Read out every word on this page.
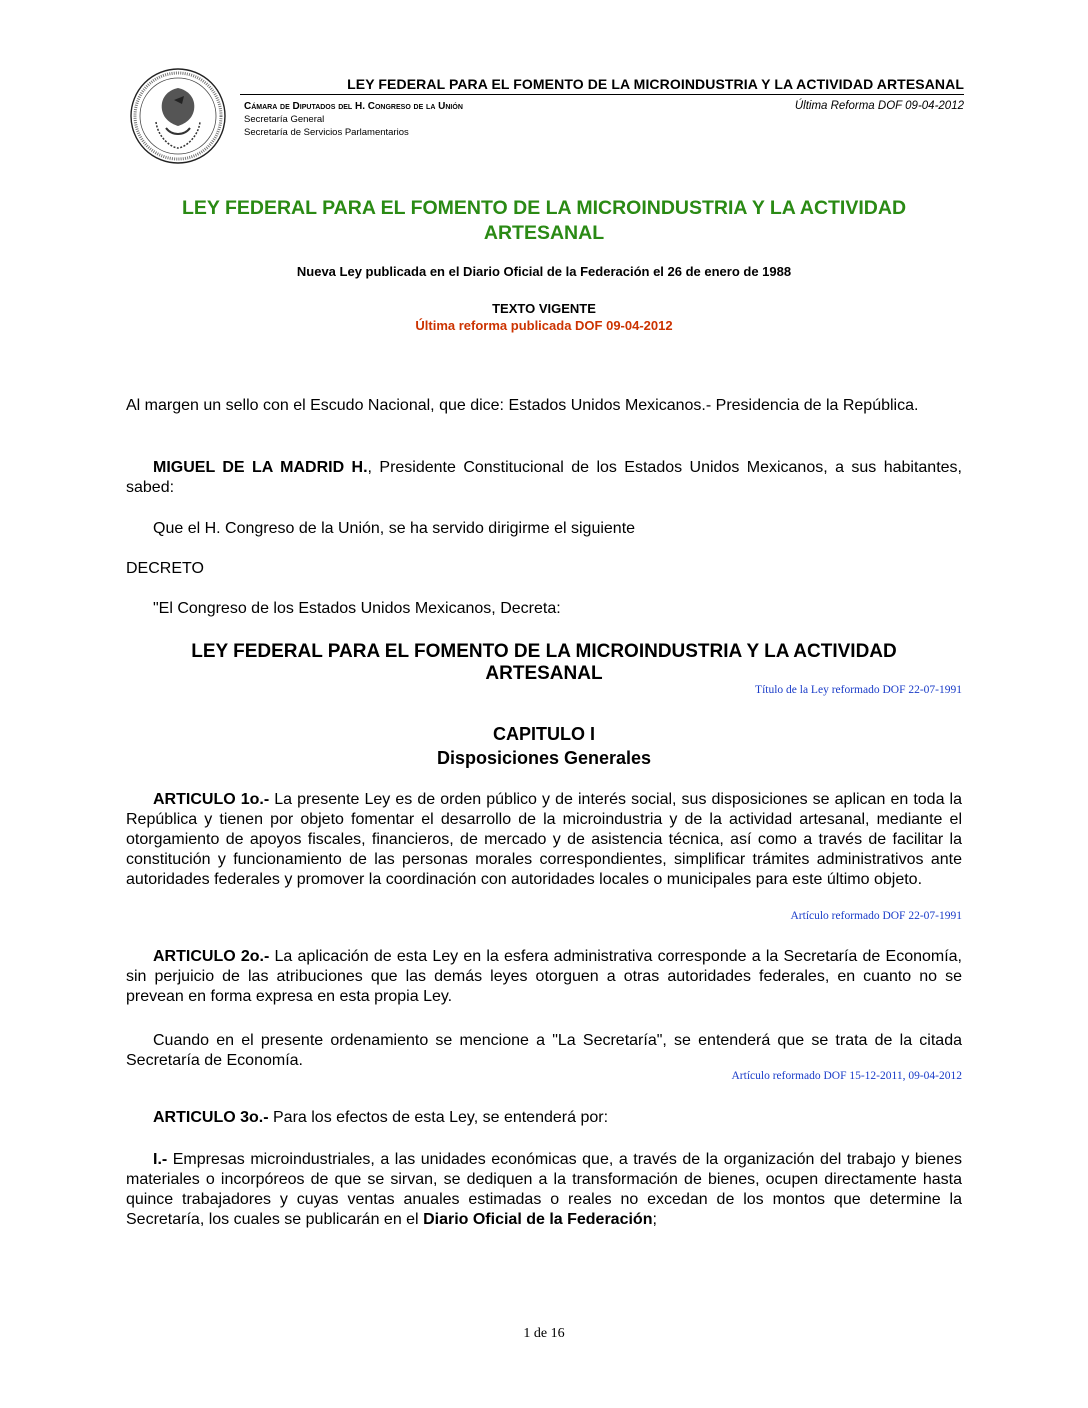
LEY FEDERAL PARA EL FOMENTO DE LA MICROINDUSTRIA Y LA ACTIVIDAD ARTESANAL
Cámara de Diputados del H. Congreso de la Unión
Secretaría General
Secretaría de Servicios Parlamentarios
Última Reforma DOF 09-04-2012
LEY FEDERAL PARA EL FOMENTO DE LA MICROINDUSTRIA Y LA ACTIVIDAD
ARTESANAL
Nueva Ley publicada en el Diario Oficial de la Federación el 26 de enero de 1988
TEXTO VIGENTE
Última reforma publicada DOF 09-04-2012
Al margen un sello con el Escudo Nacional, que dice: Estados Unidos Mexicanos.- Presidencia de la República.
MIGUEL DE LA MADRID H., Presidente Constitucional de los Estados Unidos Mexicanos, a sus habitantes, sabed:
Que el H. Congreso de la Unión, se ha servido dirigirme el siguiente
DECRETO
"El Congreso de los Estados Unidos Mexicanos, Decreta:
LEY FEDERAL PARA EL FOMENTO DE LA MICROINDUSTRIA Y LA ACTIVIDAD
ARTESANAL
Título de la Ley reformado DOF 22-07-1991
CAPITULO I
Disposiciones Generales
ARTICULO 1o.- La presente Ley es de orden público y de interés social, sus disposiciones se aplican en toda la República y tienen por objeto fomentar el desarrollo de la microindustria y de la actividad artesanal, mediante el otorgamiento de apoyos fiscales, financieros, de mercado y de asistencia técnica, así como a través de facilitar la constitución y funcionamiento de las personas morales correspondientes, simplificar trámites administrativos ante autoridades federales y promover la coordinación con autoridades locales o municipales para este último objeto.
Artículo reformado DOF 22-07-1991
ARTICULO 2o.- La aplicación de esta Ley en la esfera administrativa corresponde a la Secretaría de Economía, sin perjuicio de las atribuciones que las demás leyes otorguen a otras autoridades federales, en cuanto no se prevean en forma expresa en esta propia Ley.
Cuando en el presente ordenamiento se mencione a "La Secretaría", se entenderá que se trata de la citada Secretaría de Economía.
Artículo reformado DOF 15-12-2011, 09-04-2012
ARTICULO 3o.- Para los efectos de esta Ley, se entenderá por:
I.- Empresas microindustriales, a las unidades económicas que, a través de la organización del trabajo y bienes materiales o incorpóreos de que se sirvan, se dediquen a la transformación de bienes, ocupen directamente hasta quince trabajadores y cuyas ventas anuales estimadas o reales no excedan de los montos que determine la Secretaría, los cuales se publicarán en el Diario Oficial de la Federación;
1 de 16
